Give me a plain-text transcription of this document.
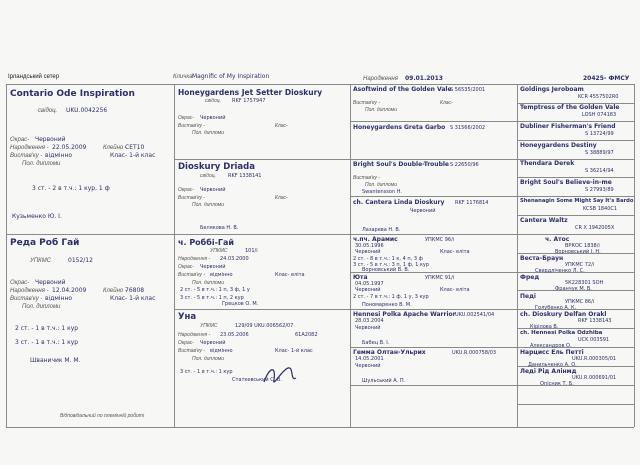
Ірландський сетер	Кличка Magnific of My Inspiration	Народження 09.01.2013	20425- ФМСУ
Contario Ode Inspiration
свідоц. UKU.0042256
Окрас- Червоний
Народження - 22.05.2009	Клейно -
СЕТ10
Вистав'ку - відмінно	Клас- 1-й клас
Пол. дипломи
3 ст. - 2 в т.ч.: 1 кур, 1 ф
Кузьменко Ю. І.
Реда Роб Гай
УПКМС	0152/12
Окрас- Червоний
Народження - 12.04.2009	Клейно -
76808
Вистав'ку - відмінно	Клас- 1-й клас
Пол. дипломи
2 ст. - 1 в т.ч.: 1 кур
3 ст. - 1 в т.ч.: 1 кур
Шваничик М. М.
Honeygardens Jet Setter Dioskury
свідоц. RKF 1757947
Окрас- Червоний
Вистав'ку -	Клас-
Пол. дипломи
Dioskury Driada
свідоц. RKF 1338141
Окрас- Червоний
Вистав'ку -	Клас-
Пол. дипломи
Белякова Н. В.
ч. Роббі-Гай
УПКМС	101/і
Народження - 24.03.2000
Окрас- Червоний
Вистав'ку - відмінно	Клас- еліта
Пол. дипломи
2 ст. - 5 в т.ч.: 1 п, 3 ф, 1 у
3 ст. - 5 в т.ч.: 1 п, 2 кур
Грецков О. М.
Уна
УПКМС	129/09 UKU.006562/07
Народження - 23.05.2006	61А2082
Окрас- Червоний
Вистав'ку - відмінно	Клас- 1-й клас
Пол. дипломи
3 ст. - 1 в т.ч.: 1 кур
Статкевський С. В.
Asoftwind of the Golden Vale
S 56535/2001
Вистав'ку -	Клас-
Пол. дипломи
Honeygardens Greta Garbo S 31566/2002
Bright Soul's Double-Trouble S 22650/96
Вистав'ку -
Пол. дипломи
Swantensson H.
ch. Cantera Linda Dioskury RKF 1176814
Червоний
Лазарева Н. В.
ч.пч. Арамис	УПКМС 96/і
30.05.1996
Червоний	Клас- еліта
2 ст. - 8 в т.ч.: 1 к, 4 п, 3 ф
3 ст. - 5 в т.ч.: 3 п, 1 ф, 1 кур
Ворновський В. В.
Юта	УПКМС 91/і
04.05.1997
Червоний	Клас- еліта
2 ст. - 7 в т.ч.: 1 ф, 1 у, 3 кур
Пономаренко В. М.
Hennesi Polka Apache Warrior UKU.002541/04
28.03.2004
Червоний
Бабец В. І.
Гемма Олтан-Ульрих	UKU.R.000758/03
14.05.2001
Червоний
Шульський А. П.
Goldings Jeroboam
KCR 4557502R0
Temptress of the Golden Vale
LOSH 074183
Dubliner Fisherman's Friend
S 13724/99
Honeygardens Destiny
S 38889/97
Thendara Derek
S 36214/94
Bright Soul's Believe-in-me
S 27993/89
Shenanagin Some Might Say It's Bardo
KCSB 1840C1
Cantera Waltz
CR X 1942005X
ч. Атос
ВРКОС 1838/і
Ворновський І. Н.
Веста-Браун
УПКМС 72/і
Свердліченко Л. С.
Фред
5К228301 SOH
Франчук М. В.
Педі
УПКМС 86/і
Голубенко А. К.
ch. Dioskury Delfan Orakl
RKF 1338143
Кірілова В.
ch. Hennesi Polka Odzhiba
UCK 003591
Александров О.
Нарцисс Ель Петті
UKU.R.000305/01
Данильченко А. О.
Леді Рід Алінмд
UKU.R.000691/01
Опісник Т. Б.
Відповідальний по племінній роботі
